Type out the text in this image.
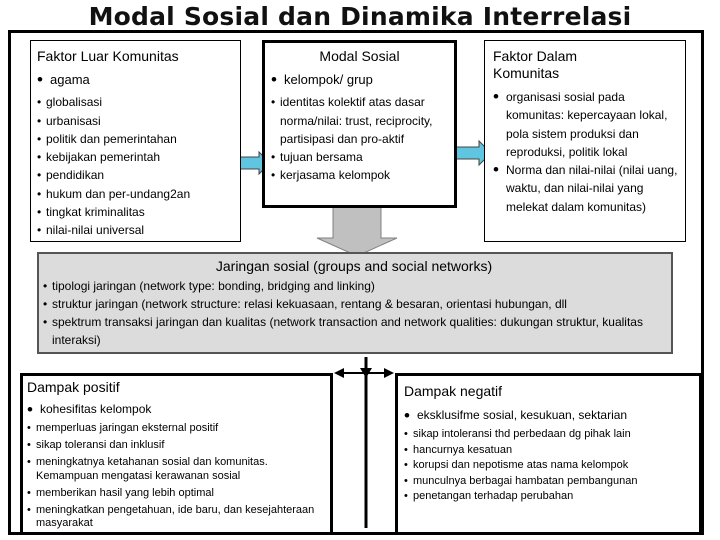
Modal Sosial dan Dinamika Interrelasi
Faktor Luar Komunitas
• agama
• globalisasi
• urbanisasi
• politik dan pemerintahan
• kebijakan pemerintah
• pendidikan
• hukum dan per-undang2an
• tingkat kriminalitas
• nilai-nilai universal
Modal Sosial
• kelompok/ grup
• identitas kolektif atas dasar norma/nilai: trust, reciprocity, partisipasi dan pro-aktif
• tujuan bersama
• kerjasama kelompok
Faktor Dalam Komunitas
• organisasi sosial pada komunitas: kepercayaan lokal, pola sistem produksi dan reproduksi, politik lokal
• Norma dan nilai-nilai (nilai uang, waktu, dan nilai-nilai yang melekat dalam komunitas)
Jaringan sosial (groups and social networks)
• tipologi jaringan (network type: bonding, bridging and linking)
• struktur jaringan (network structure: relasi kekuasaan, rentang & besaran, orientasi hubungan, dll
• spektrum transaksi jaringan dan kualitas (network transaction and network qualities: dukungan struktur, kualitas interaksi)
Dampak positif
• kohesifitas kelompok
• memperluas jaringan eksternal positif
• sikap toleransi dan inklusif
• meningkatnya ketahanan sosial dan komunitas. Kemampuan mengatasi kerawanan sosial
• memberikan hasil yang lebih optimal
• meningkatkan pengetahuan, ide baru, dan kesejahteraan masyarakat
Dampak negatif
• eksklusifme sosial, kesukuan, sektarian
• sikap intoleransi thd perbedaan dg pihak lain
• hancurnya kesatuan
• korupsi dan nepotisme atas nama kelompok
• munculnya berbagai hambatan pembangunan
• penetangan terhadap perubahan
